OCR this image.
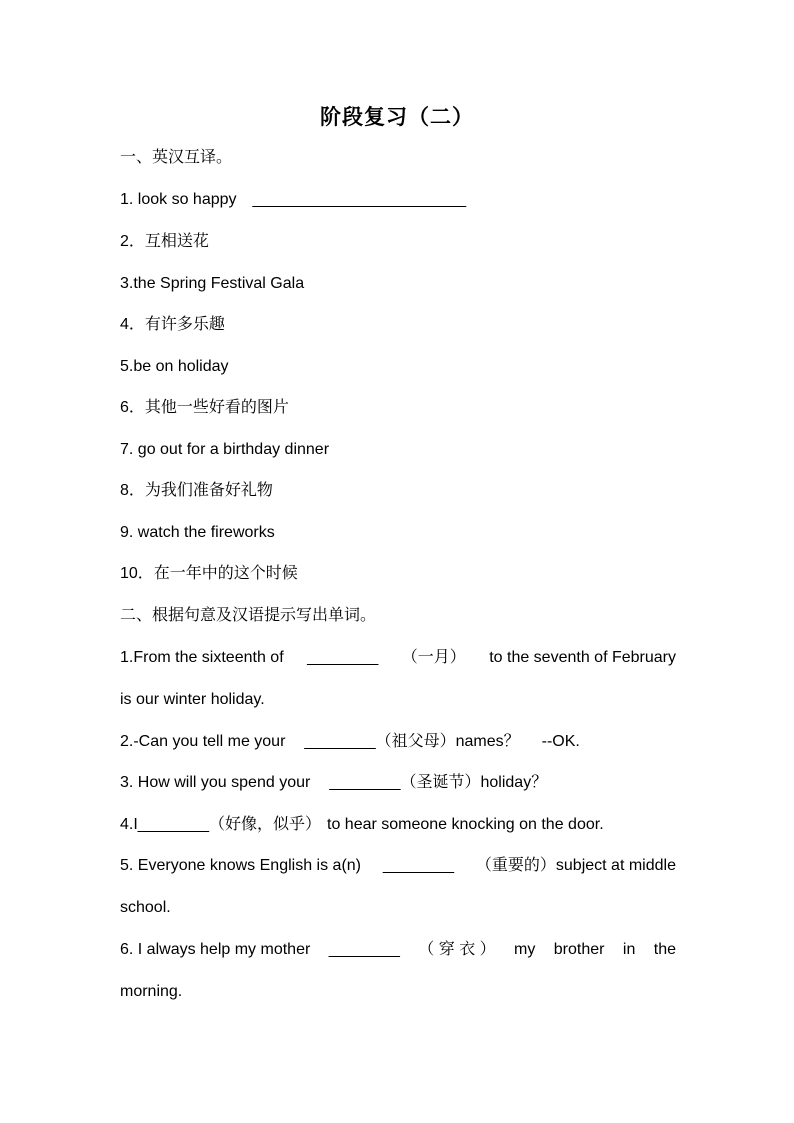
阶段复习（二）
一、英汉互译。
1. look so happy ________________________
2．互相送花
3.the Spring Festival Gala
4．有许多乐趣
5.be on holiday
6．其他一些好看的图片
7. go out for a birthday dinner
8．为我们准备好礼物
9. watch the fireworks
10．在一年中的这个时候
二、根据句意及汉语提示写出单词。
1.From the sixteenth of ________ （一月） to the seventh of February
is our winter holiday.
2.-Can you tell me your ________（祖父母）names？ --OK.
3. How will you spend your ________（圣诞节）holiday？
4.I________（好像，似乎） to hear someone knocking on the door.
5. Everyone knows English is a(n) ________ （重要的）subject at middle
school.
6. I always help my mother ________ （ 穿 衣 ） my brother in the
morning.
